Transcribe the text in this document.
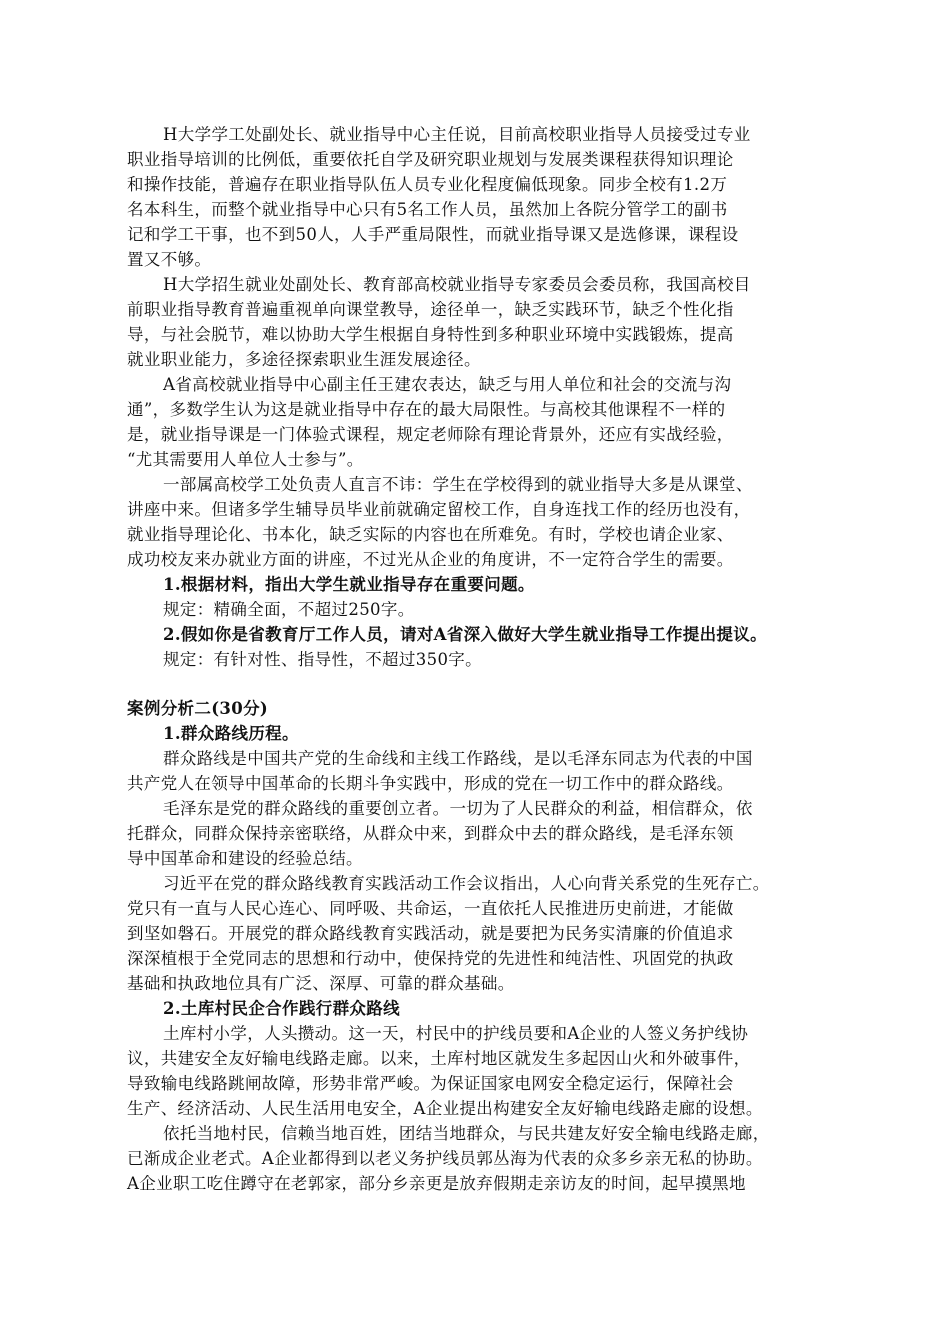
H大学学工处副处长、就业指导中心主任说，目前高校职业指导人员接受过专业
职业指导培训的比例低，重要依托自学及研究职业规划与发展类课程获得知识理论
和操作技能，普遍存在职业指导队伍人员专业化程度偏低现象。同步全校有1.2万
名本科生，而整个就业指导中心只有5名工作人员，虽然加上各院分管学工的副书
记和学工干事，也不到50人，人手严重局限性，而就业指导课又是选修课，课程设
置又不够。
H大学招生就业处副处长、教育部高校就业指导专家委员会委员称，我国高校目
前职业指导教育普遍重视单向课堂教导，途径单一，缺乏实践环节，缺乏个性化指
导，与社会脱节，难以协助大学生根据自身特性到多种职业环境中实践锻炼，提高
就业职业能力，多途径探索职业生涯发展途径。
A省高校就业指导中心副主任王建农表达，缺乏与用人单位和社会的交流与沟
通”，多数学生认为这是就业指导中存在的最大局限性。与高校其他课程不一样的
是，就业指导课是一门体验式课程，规定老师除有理论背景外，还应有实战经验，
“尤其需要用人单位人士参与”。
一部属高校学工处负责人直言不讳：学生在学校得到的就业指导大多是从课堂、
讲座中来。但诸多学生辅导员毕业前就确定留校工作，自身连找工作的经历也没有，
就业指导理论化、书本化，缺乏实际的内容也在所难免。有时，学校也请企业家、
成功校友来办就业方面的讲座，不过光从企业的角度讲，不一定符合学生的需要。
1.根据材料，指出大学生就业指导存在重要问题。
规定：精确全面，不超过250字。
2.假如你是省教育厅工作人员，请对A省深入做好大学生就业指导工作提出提议。
规定：有针对性、指导性，不超过350字。
案例分析二(30分)
1.群众路线历程。
群众路线是中国共产党的生命线和主线工作路线，是以毛泽东同志为代表的中国
共产党人在领导中国革命的长期斗争实践中，形成的党在一切工作中的群众路线。
毛泽东是党的群众路线的重要创立者。一切为了人民群众的利益，相信群众，依
托群众，同群众保持亲密联络，从群众中来，到群众中去的群众路线，是毛泽东领
导中国革命和建设的经验总结。
习近平在党的群众路线教育实践活动工作会议指出，人心向背关系党的生死存亡。
党只有一直与人民心连心、同呼吸、共命运，一直依托人民推进历史前进，才能做
到坚如磐石。开展党的群众路线教育实践活动，就是要把为民务实清廉的价值追求
深深植根于全党同志的思想和行动中，使保持党的先进性和纯洁性、巩固党的执政
基础和执政地位具有广泛、深厚、可靠的群众基础。
2.土库村民企合作践行群众路线
土库村小学，人头攒动。这一天，村民中的护线员要和A企业的人签义务护线协
议，共建安全友好输电线路走廊。以来，土库村地区就发生多起因山火和外破事件，
导致输电线路跳闸故障，形势非常严峻。为保证国家电网安全稳定运行，保障社会
生产、经济活动、人民生活用电安全，A企业提出构建安全友好输电线路走廊的设想。
依托当地村民，信赖当地百姓，团结当地群众，与民共建友好安全输电线路走廊，
已渐成企业老式。A企业都得到以老义务护线员郭丛海为代表的众多乡亲无私的协助。
A企业职工吃住蹲守在老郭家，部分乡亲更是放弃假期走亲访友的时间，起早摸黑地
